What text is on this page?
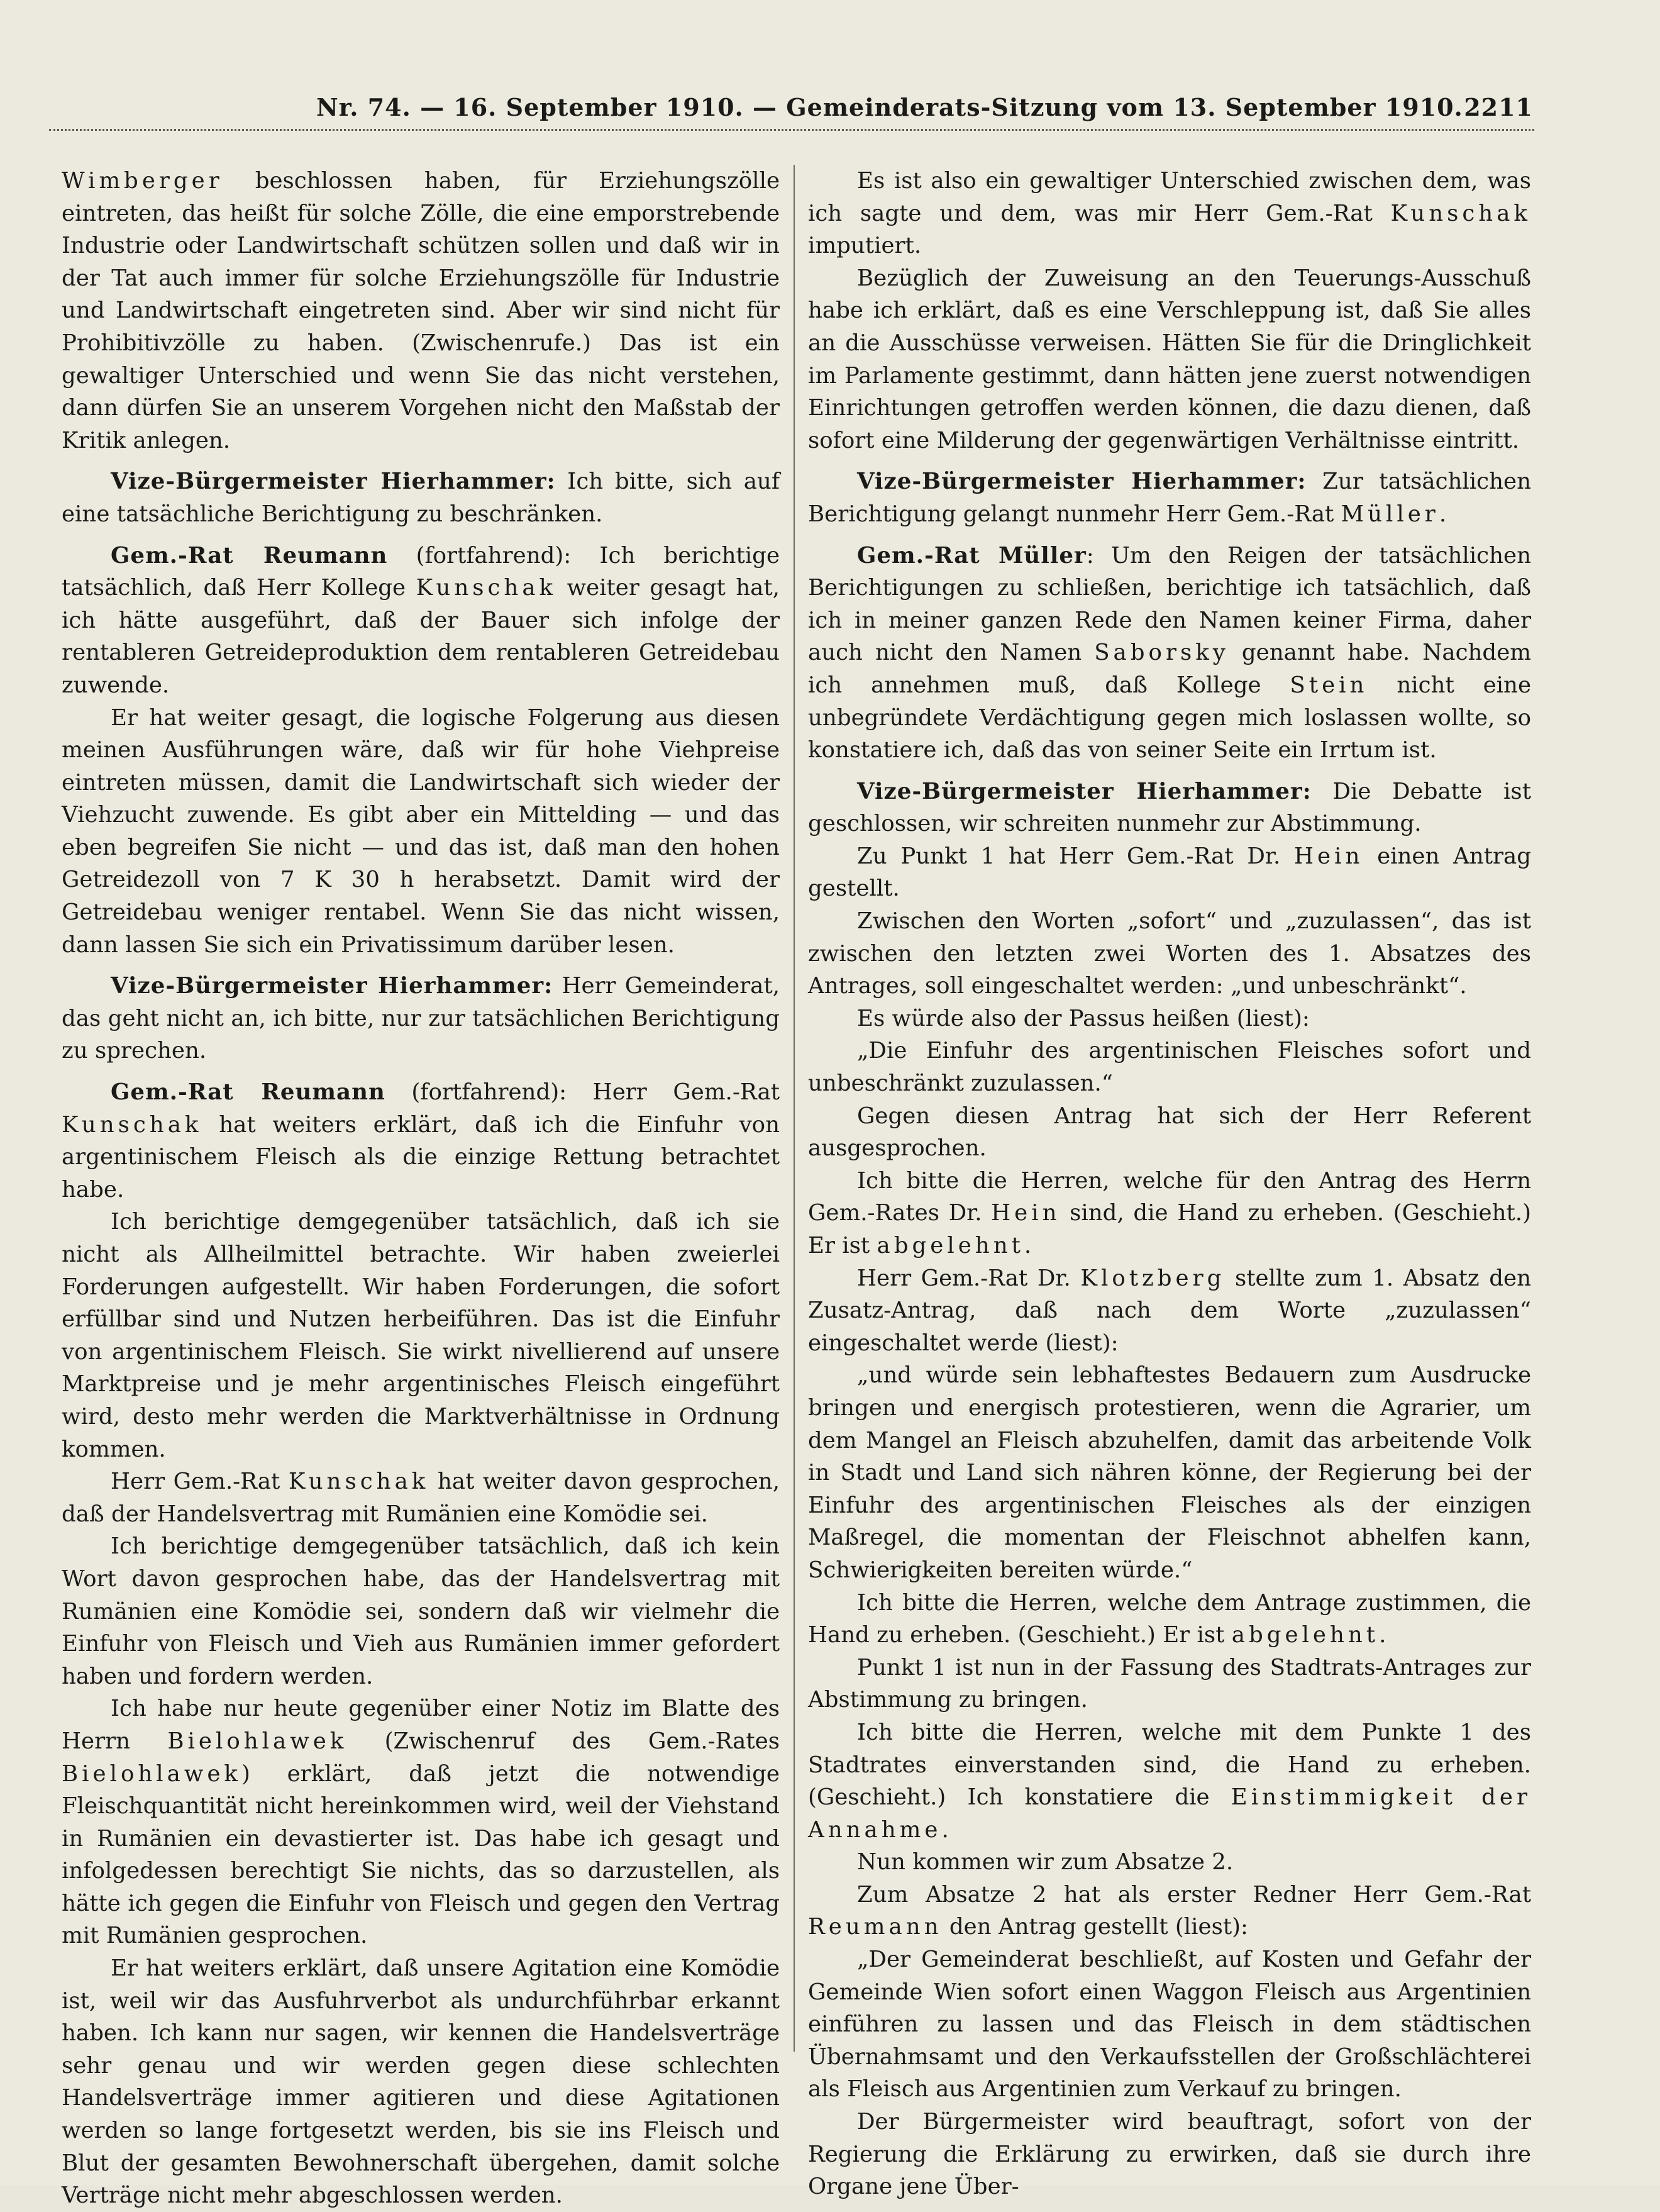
Nr. 74. — 16. September 1910. — Gemeinderats-Sitzung vom 13. September 1910. 2211

Wimberger beschlossen haben, für Erziehungszölle eintreten, das heißt für solche Zölle, die eine emporstrebende Industrie oder Landwirtschaft schützen sollen und daß wir in der Tat auch immer für solche Erziehungszölle für Industrie und Landwirtschaft eingetreten sind. Aber wir sind nicht für Prohibitivzölle zu haben. (Zwischenrufe.) Das ist ein gewaltiger Unterschied und wenn Sie das nicht verstehen, dann dürfen Sie an unserem Vorgehen nicht den Maßstab der Kritik anlegen.

Vize-Bürgermeister Hierhammer: Ich bitte, sich auf eine tatsächliche Berichtigung zu beschränken.

Gem.-Rat Reumann (fortfahrend): Ich berichtige tatsächlich, daß Herr Kollege Kunschak weiter gesagt hat, ich hätte ausgeführt, daß der Bauer sich infolge der rentableren Getreideproduktion dem rentableren Getreidebau zuwende.

Er hat weiter gesagt, die logische Folgerung aus diesen meinen Ausführungen wäre, daß wir für hohe Viehpreise eintreten müssen, damit die Landwirtschaft sich wieder der Viehzucht zuwende. Es gibt aber ein Mittelding — und das eben begreifen Sie nicht — und das ist, daß man den hohen Getreidezoll von 7 K 30 h herabsetzt. Damit wird der Getreidebau weniger rentabel. Wenn Sie das nicht wissen, dann lassen Sie sich ein Privatissimum darüber lesen.

Vize-Bürgermeister Hierhammer: Herr Gemeinderat, das geht nicht an, ich bitte, nur zur tatsächlichen Berichtigung zu sprechen.

Gem.-Rat Reumann (fortfahrend): Herr Gem.-Rat Kunschak hat weiters erklärt, daß ich die Einfuhr von argentinischem Fleisch als die einzige Rettung betrachtet habe.

Ich berichtige demgegenüber tatsächlich, daß ich sie nicht als Allheilmittel betrachte. Wir haben zweierlei Forderungen aufgestellt. Wir haben Forderungen, die sofort erfüllbar sind und Nutzen herbeiführen. Das ist die Einfuhr von argentinischem Fleisch. Sie wirkt nivellierend auf unsere Marktpreise und je mehr argentinisches Fleisch eingeführt wird, desto mehr werden die Marktverhältnisse in Ordnung kommen.

Herr Gem.-Rat Kunschak hat weiter davon gesprochen, daß der Handelsvertrag mit Rumänien eine Komödie sei.

Ich berichtige demgegenüber tatsächlich, daß ich kein Wort davon gesprochen habe, das der Handelsvertrag mit Rumänien eine Komödie sei, sondern daß wir vielmehr die Einfuhr von Fleisch und Vieh aus Rumänien immer gefordert haben und fordern werden.

Ich habe nur heute gegenüber einer Notiz im Blatte des Herrn Bielohlawek (Zwischenruf des Gem.-Rates Bielohlawek) erklärt, daß jetzt die notwendige Fleischquantität nicht hereinkommen wird, weil der Viehstand in Rumänien ein devastierter ist. Das habe ich gesagt und infolgedessen berechtigt Sie nichts, das so darzustellen, als hätte ich gegen die Einfuhr von Fleisch und gegen den Vertrag mit Rumänien gesprochen.

Er hat weiters erklärt, daß unsere Agitation eine Komödie ist, weil wir das Ausfuhrverbot als undurchführbar erkannt haben. Ich kann nur sagen, wir kennen die Handelsverträge sehr genau und wir werden gegen diese schlechten Handelsverträge immer agitieren und diese Agitationen werden so lange fortgesetzt werden, bis sie ins Fleisch und Blut der gesamten Bewohnerschaft übergehen, damit solche Verträge nicht mehr abgeschlossen werden.

Es ist also ein gewaltiger Unterschied zwischen dem, was ich sagte und dem, was mir Herr Gem.-Rat Kunschak imputiert.

Bezüglich der Zuweisung an den Teuerungs-Ausschuß habe ich erklärt, daß es eine Verschleppung ist, daß Sie alles an die Ausschüsse verweisen. Hätten Sie für die Dringlichkeit im Parlamente gestimmt, dann hätten jene zuerst notwendigen Einrichtungen getroffen werden können, die dazu dienen, daß sofort eine Milderung der gegenwärtigen Verhältnisse eintritt.

Vize-Bürgermeister Hierhammer: Zur tatsächlichen Berichtigung gelangt nunmehr Herr Gem.-Rat Müller.

Gem.-Rat Müller: Um den Reigen der tatsächlichen Berichtigungen zu schließen, berichtige ich tatsächlich, daß ich in meiner ganzen Rede den Namen keiner Firma, daher auch nicht den Namen Saborsky genannt habe. Nachdem ich annehmen muß, daß Kollege Stein nicht eine unbegründete Verdächtigung gegen mich loslassen wollte, so konstatiere ich, daß das von seiner Seite ein Irrtum ist.

Vize-Bürgermeister Hierhammer: Die Debatte ist geschlossen, wir schreiten nunmehr zur Abstimmung.

Zu Punkt 1 hat Herr Gem.-Rat Dr. Hein einen Antrag gestellt.

Zwischen den Worten „sofort“ und „zuzulassen“, das ist zwischen den letzten zwei Worten des 1. Absatzes des Antrages, soll eingeschaltet werden: „und unbeschränkt“.

Es würde also der Passus heißen (liest):

„Die Einfuhr des argentinischen Fleisches sofort und unbeschränkt zuzulassen.“

Gegen diesen Antrag hat sich der Herr Referent ausgesprochen.

Ich bitte die Herren, welche für den Antrag des Herrn Gem.-Rates Dr. Hein sind, die Hand zu erheben. (Geschieht.) Er ist abgelehnt.

Herr Gem.-Rat Dr. Klotzberg stellte zum 1. Absatz den Zusatz-Antrag, daß nach dem Worte „zuzulassen“ eingeschaltet werde (liest):

„und würde sein lebhaftestes Bedauern zum Ausdrucke bringen und energisch protestieren, wenn die Agrarier, um dem Mangel an Fleisch abzuhelfen, damit das arbeitende Volk in Stadt und Land sich nähren könne, der Regierung bei der Einfuhr des argentinischen Fleisches als der einzigen Maßregel, die momentan der Fleischnot abhelfen kann, Schwierigkeiten bereiten würde.“

Ich bitte die Herren, welche dem Antrage zustimmen, die Hand zu erheben. (Geschieht.) Er ist abgelehnt.

Punkt 1 ist nun in der Fassung des Stadtrats-Antrages zur Abstimmung zu bringen.

Ich bitte die Herren, welche mit dem Punkte 1 des Stadtrates einverstanden sind, die Hand zu erheben. (Geschieht.) Ich konstatiere die Einstimmigkeit der Annahme.

Nun kommen wir zum Absatze 2.

Zum Absatze 2 hat als erster Redner Herr Gem.-Rat Reumann den Antrag gestellt (liest):

„Der Gemeinderat beschließt, auf Kosten und Gefahr der Gemeinde Wien sofort einen Waggon Fleisch aus Argentinien einführen zu lassen und das Fleisch in dem städtischen Übernahmsamt und den Verkaufsstellen der Großschlächterei als Fleisch aus Argentinien zum Verkauf zu bringen.

Der Bürgermeister wird beauftragt, sofort von der Regierung die Erklärung zu erwirken, daß sie durch ihre Organe jene Über-
